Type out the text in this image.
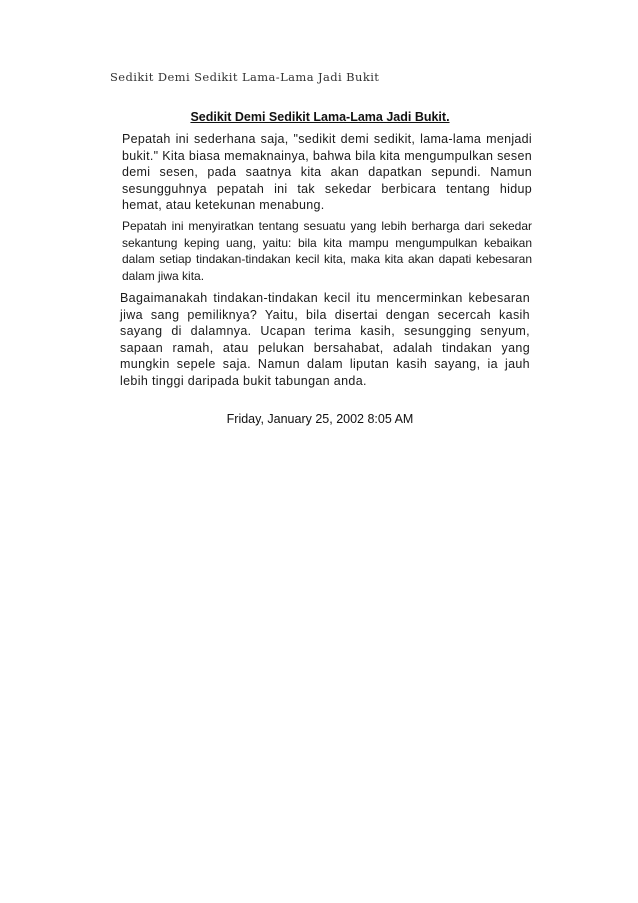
Sedikit Demi Sedikit Lama-Lama Jadi Bukit
Sedikit Demi Sedikit Lama-Lama Jadi Bukit.
Pepatah ini sederhana saja, "sedikit demi sedikit, lama-lama menjadi bukit." Kita biasa memaknainya, bahwa bila kita mengumpulkan sesen demi sesen, pada saatnya kita akan dapatkan sepundi. Namun sesungguhnya pepatah ini tak sekedar berbicara tentang hidup hemat, atau ketekunan menabung.
Pepatah ini menyiratkan tentang sesuatu yang lebih berharga dari sekedar sekantung keping uang, yaitu: bila kita mampu mengumpulkan kebaikan dalam setiap tindakan-tindakan kecil kita, maka kita akan dapati kebesaran dalam jiwa kita.
Bagaimanakah tindakan-tindakan kecil itu mencerminkan kebesaran jiwa sang pemiliknya? Yaitu, bila disertai dengan secercah kasih sayang di dalamnya. Ucapan terima kasih, sesungging senyum, sapaan ramah, atau pelukan bersahabat, adalah tindakan yang mungkin sepele saja. Namun dalam liputan kasih sayang, ia jauh lebih tinggi daripada bukit tabungan anda.
Friday, January 25, 2002 8:05 AM
